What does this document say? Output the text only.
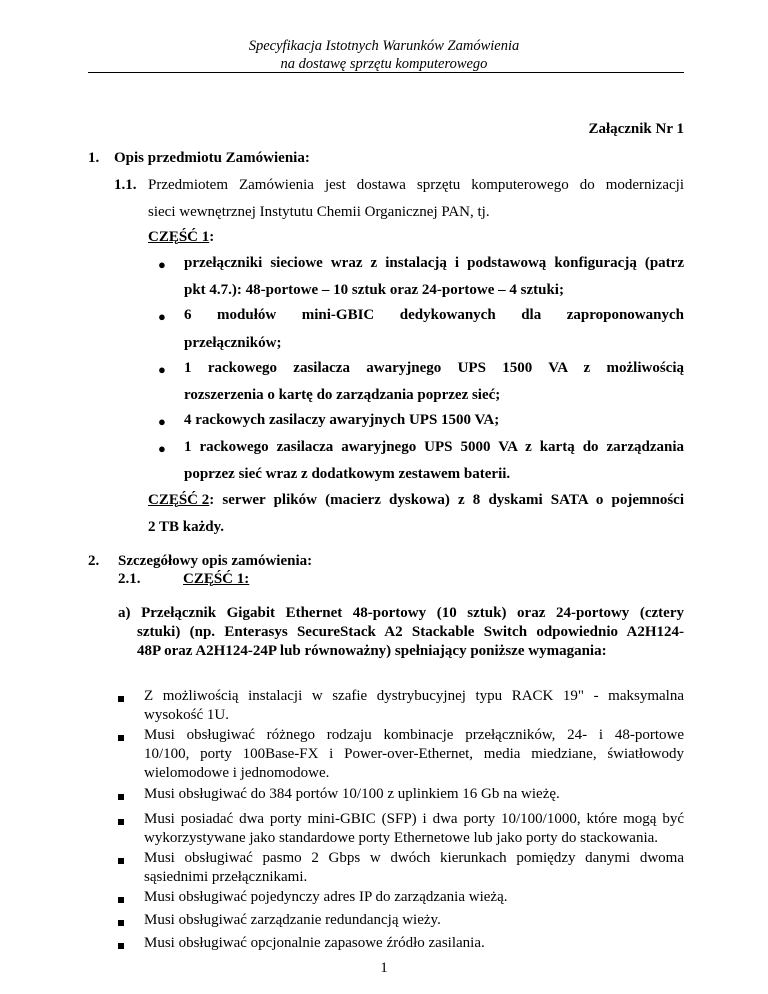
Specyfikacja Istotnych Warunków Zamówienia
na dostawę sprzętu komputerowego
Załącznik Nr 1
1. Opis przedmiotu Zamówienia:
1.1. Przedmiotem Zamówienia jest dostawa sprzętu komputerowego do modernizacji
sieci wewnętrznej Instytutu Chemii Organicznej PAN, tj.
CZĘŚĆ 1:
● przełączniki sieciowe wraz z instalacją i podstawową konfiguracją (patrz
pkt 4.7.): 48-portowe – 10 sztuk oraz 24-portowe – 4 sztuki;
● 6 modułów mini-GBIC dedykowanych dla zaproponowanych
przełączników;
● 1 rackowego zasilacza awaryjnego UPS 1500 VA z możliwością
rozszerzenia o kartę do zarządzania poprzez sieć;
● 4 rackowych zasilaczy awaryjnych UPS 1500 VA;
● 1 rackowego zasilacza awaryjnego UPS 5000 VA z kartą do zarządzania
poprzez sieć wraz z dodatkowym zestawem baterii.
CZĘŚĆ 2 : serwer plików (macierz dyskowa) z 8 dyskami SATA o pojemności
2 TB każdy.
2. Szczegółowy opis zamówienia:
2.1.	CZĘŚĆ 1:
a) Przełącznik Gigabit Ethernet 48-portowy (10 sztuk) oraz 24-portowy (cztery
sztuki) (np. Enterasys SecureStack A2 Stackable Switch odpowiednio A2H124-
48P oraz A2H124-24P lub równoważny) spełniający poniższe wymagania:
Z możliwością instalacji w szafie dystrybucyjnej typu RACK 19" - maksymalna
wysokość 1U.
Musi obsługiwać różnego rodzaju kombinacje przełączników, 24- i 48-portowe
10/100, porty 100Base-FX i Power-over-Ethernet, media miedziane, światłowody
wielomodowe i jednomodowe.
Musi obsługiwać do 384 portów 10/100 z uplinkiem 16 Gb na wieżę.
Musi posiadać dwa porty mini-GBIC (SFP) i dwa porty 10/100/1000, które mogą być
wykorzystywane jako standardowe porty Ethernetowe lub jako porty do stackowania.
Musi obsługiwać pasmo 2 Gbps w dwóch kierunkach pomiędzy danymi dwoma
sąsiednimi przełącznikami.
Musi obsługiwać pojedynczy adres IP do zarządzania wieżą.
Musi obsługiwać zarządzanie redundancją wieży.
Musi obsługiwać opcjonalnie zapasowe źródło zasilania.
1
